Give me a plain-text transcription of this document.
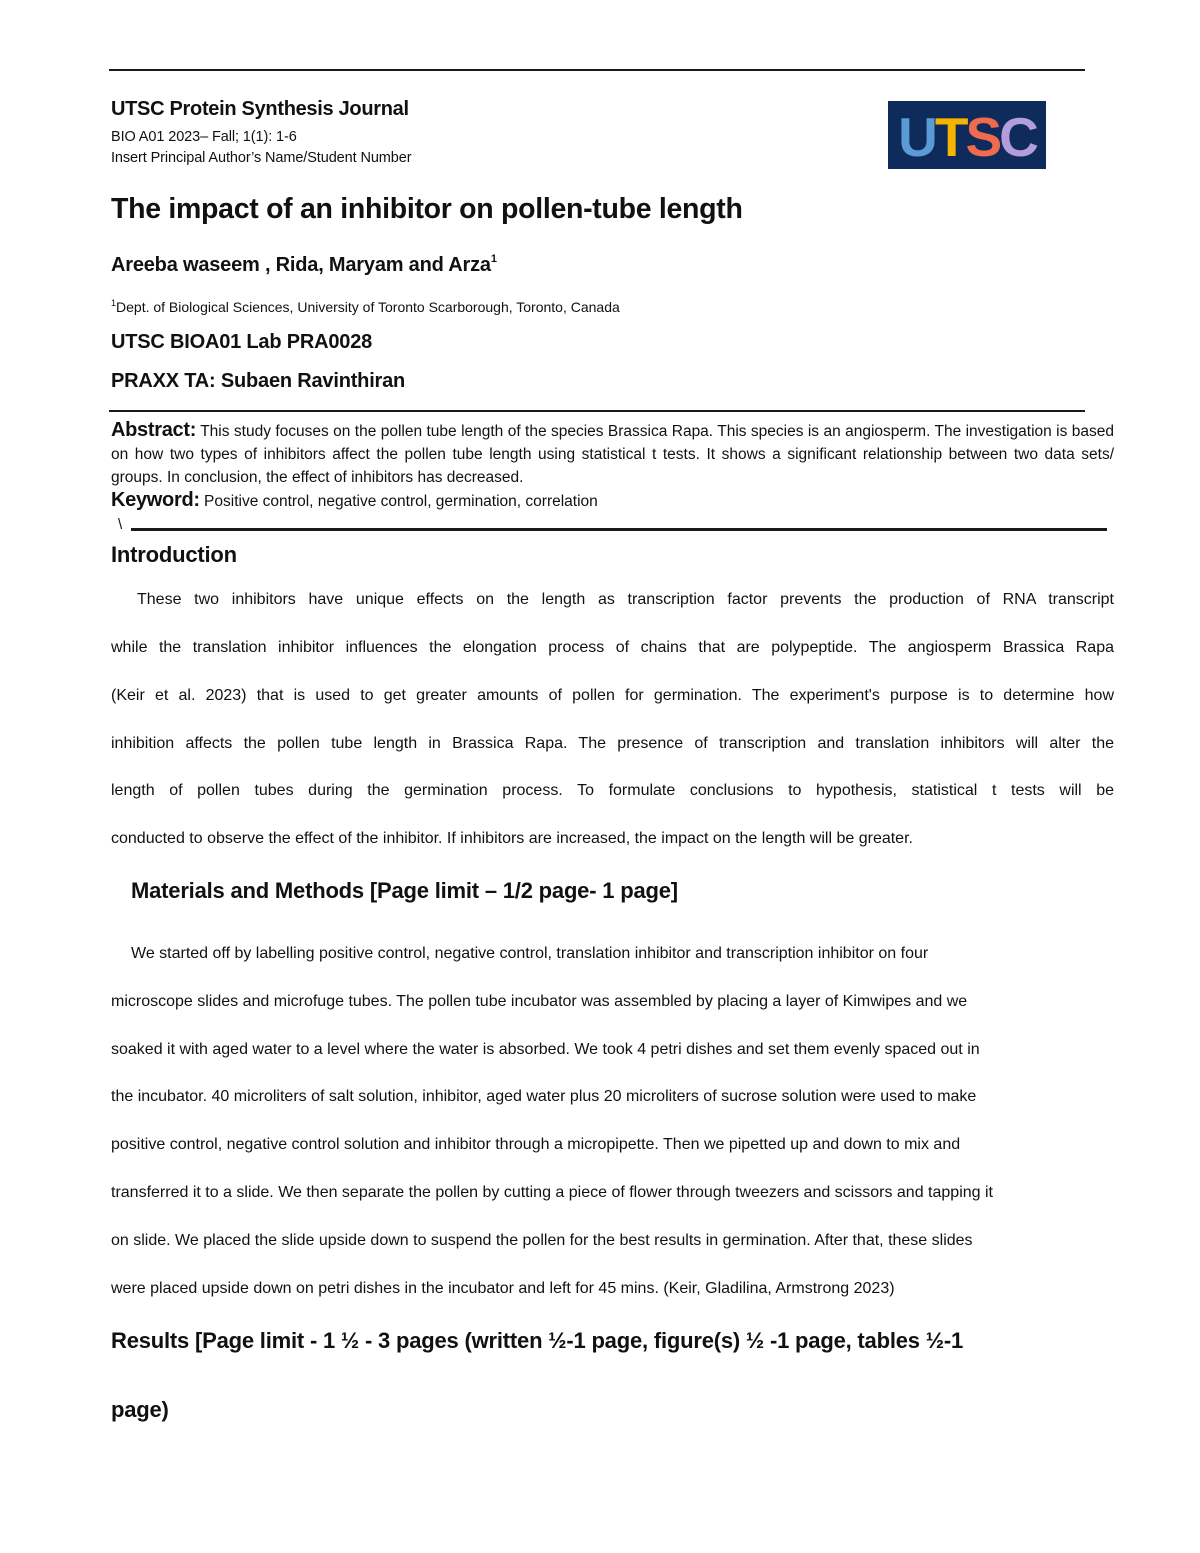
UTSC Protein Synthesis Journal
BIO A01 2023– Fall; 1(1): 1-6
Insert Principal Author’s Name/Student Number	UTSC
The impact of an inhibitor on pollen-tube length
Areeba waseem , Rida, Maryam and Arza$^1$
$^1$Dept. of Biological Sciences, University of Toronto Scarborough, Toronto, Canada
UTSC BIOA01 Lab PRA0028
PRAXX TA: Subaen Ravinthiran
Abstract: This study focuses on the pollen tube length of the species Brassica Rapa. This species is an angiosperm. The investigation is based on how two types of inhibitors affect the pollen tube length using statistical t tests. It shows a significant relationship between two data sets/ groups. In conclusion, the effect of inhibitors has decreased.
Keyword: Positive control, negative control, germination, correlation
\
Introduction
These two inhibitors have unique effects on the length as transcription factor prevents the production of RNA transcript
while the translation inhibitor influences the elongation process of chains that are polypeptide. The angiosperm Brassica Rapa
(Keir et al. 2023) that is used to get greater amounts of pollen for germination. The experiment's purpose is to determine how
inhibition affects the pollen tube length in Brassica Rapa. The presence of transcription and translation inhibitors will alter the
length of pollen tubes during the germination process. To formulate conclusions to hypothesis, statistical t tests will be
conducted to observe the effect of the inhibitor. If inhibitors are increased, the impact on the length will be greater.
Materials and Methods [Page limit – 1/2 page- 1 page]
We started off by labelling positive control, negative control, translation inhibitor and transcription inhibitor on four
microscope slides and microfuge tubes. The pollen tube incubator was assembled by placing a layer of Kimwipes and we
soaked it with aged water to a level where the water is absorbed. We took 4 petri dishes and set them evenly spaced out in
the incubator. 40 microliters of salt solution, inhibitor, aged water plus 20 microliters of sucrose solution were used to make
positive control, negative control solution and inhibitor through a micropipette. Then we pipetted up and down to mix and
transferred it to a slide. We then separate the pollen by cutting a piece of flower through tweezers and scissors and tapping it
on slide. We placed the slide upside down to suspend the pollen for the best results in germination. After that, these slides
were placed upside down on petri dishes in the incubator and left for 45 mins. (Keir, Gladilina, Armstrong 2023)
Results [Page limit - 1 ½ - 3 pages (written ½-1 page, figure(s) ½ -1 page, tables ½-1
page)
